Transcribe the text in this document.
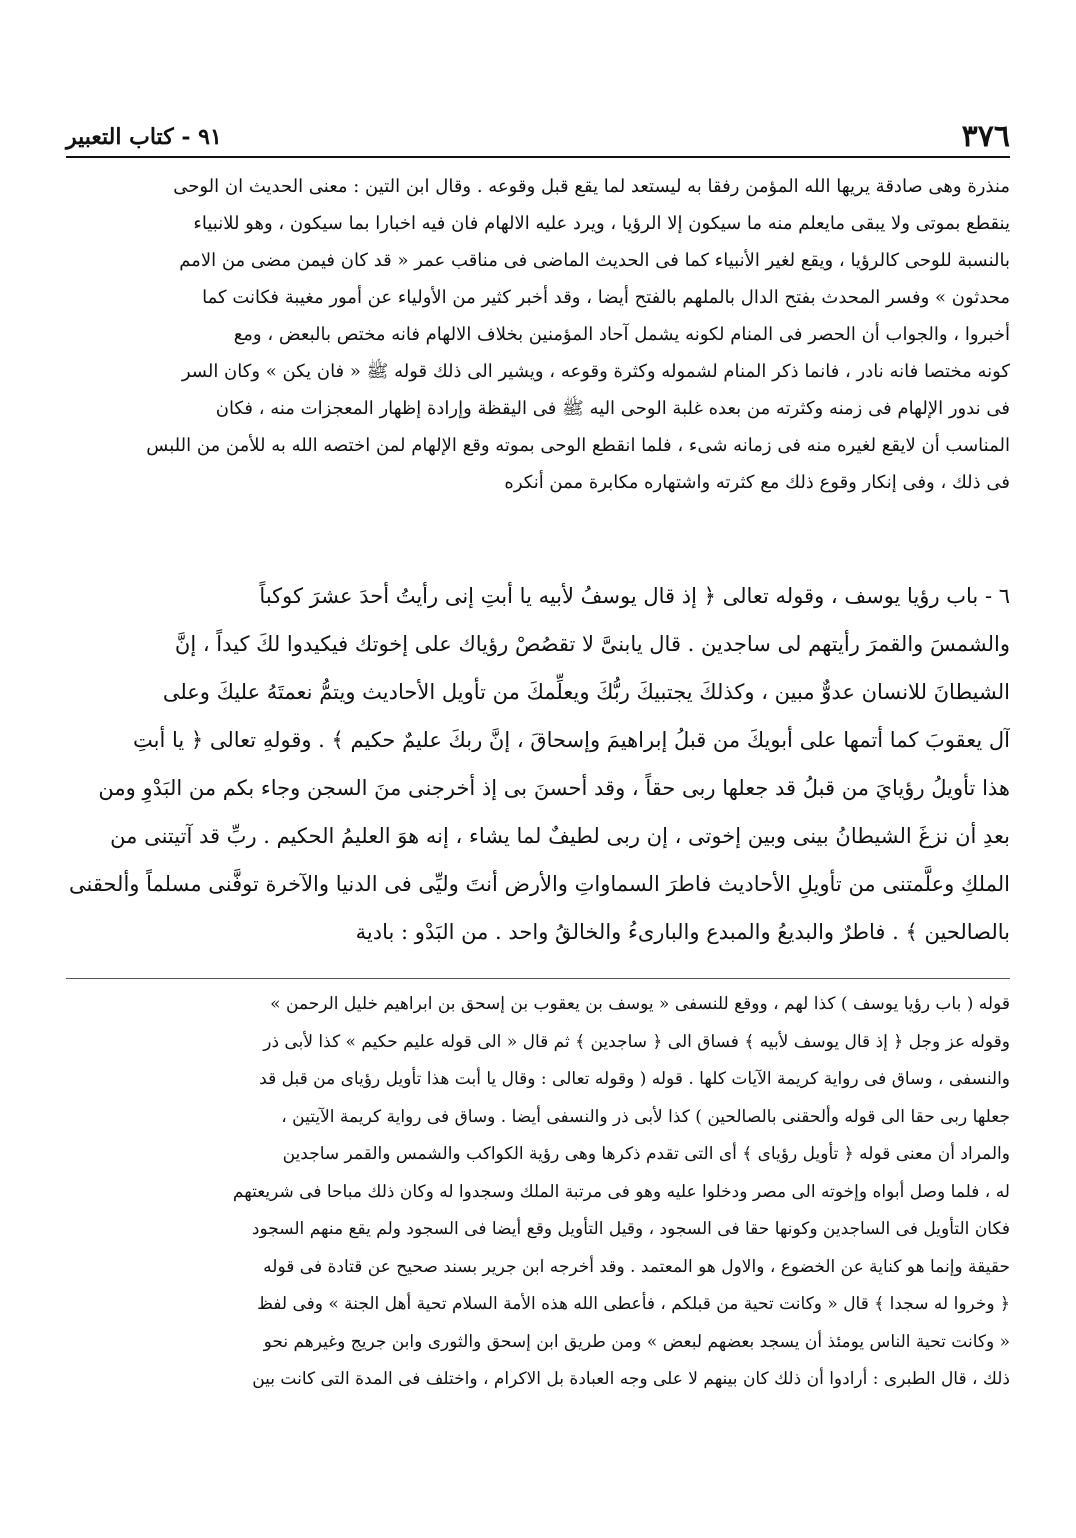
٩١ - كتاب التعبير	٣٧٦
منذرة وهى صادقة يريها الله المؤمن رفقا به ليستعد لما يقع قبل وقوعه . وقال ابن التين : معنى الحديث ان الوحى
ينقطع بموتى ولا يبقى مايعلم منه ما سيكون إلا الرؤيا ، ويرد عليه الالهام فان فيه اخبارا بما سيكون ، وهو للانبياء
بالنسبة للوحى كالرؤيا ، ويقع لغير الأنبياء كما فى الحديث الماضى فى مناقب عمر « قد كان فيمن مضى من الامم
محدثون » وفسر المحدث بفتح الدال بالملهم بالفتح أيضا ، وقد أخبر كثير من الأولياء عن أمور مغيبة فكانت كما
أخبروا ، والجواب أن الحصر فى المنام لكونه يشمل آحاد المؤمنين بخلاف الالهام فانه مختص بالبعض ، ومع
كونه مختصا فانه نادر ، فانما ذكر المنام لشموله وكثرة وقوعه ، ويشير الى ذلك قوله ﷺ « فان يكن » وكان السر
فى ندور الإلهام فى زمنه وكثرته من بعده غلبة الوحى اليه ﷺ فى اليقظة وإرادة إظهار المعجزات منه ، فكان
المناسب أن لايقع لغيره منه فى زمانه شىء ، فلما انقطع الوحى بموته وقع الإلهام لمن اختصه الله به للأمن من اللبس
فى ذلك ، وفى إنكار وقوع ذلك مع كثرته واشتهاره مكابرة ممن أنكره
٦ - باب رؤيا يوسف ، وقوله تعالى ﴿ إذ قال يوسفُ لأبيه يا أبتِ إنى رأيتُ أحدَ عشرَ كوكباً
والشمسَ والقمرَ رأيتهم لى ساجدين . قال يابنىَّ لا تقصُصْ رؤياك على إخوتك فيكيدوا لكَ كيداً ، إنَّ
الشيطانَ للانسان عدوٌّ مبين ، وكذلكَ يجتبيكَ ربُّكَ ويعلِّمكَ من تأويل الأحاديث ويتمُّ نعمتَهُ عليكَ وعلى
آل يعقوبَ كما أتمها على أبويكَ من قبلُ إبراهيمَ وإسحاقَ ، إنَّ ربكَ عليمٌ حكيم ﴾ . وقولهِ تعالى ﴿ يا أبتِ
هذا تأويلُ رؤيايَ من قبلُ قد جعلها ربى حقاً ، وقد أحسنَ بى إذ أخرجنى منَ السجن وجاء بكم من البَدْوِ ومن
بعدِ أن نزغَ الشيطانُ بينى وبين إخوتى ، إن ربى لطيفٌ لما يشاء ، إنه هوَ العليمُ الحكيم . ربِّ قد آتيتنى من
الملكِ وعلَّمتنى من تأويلِ الأحاديث فاطرَ السماواتِ والأرض أنتَ وليِّى فى الدنيا والآخرة توفَّنى مسلماً وألحقنى
بالصالحين ﴾ . فاطرٌ والبديعُ والمبدع والبارىءُ والخالقُ واحد . من البَدْو : بادية
قوله ( باب رؤيا يوسف ) كذا لهم ، ووقع للنسفى « يوسف بن يعقوب بن إسحق بن ابراهيم خليل الرحمن »
وقوله عز وجل ﴿ إذ قال يوسف لأبيه ﴾ فساق الى ﴿ ساجدين ﴾ ثم قال « الى قوله عليم حكيم » كذا لأبى ذر
والنسفى ، وساق فى رواية كريمة الآيات كلها . قوله ( وقوله تعالى : وقال يا أبت هذا تأويل رؤياى من قبل قد
جعلها ربى حقا الى قوله وألحقنى بالصالحين ) كذا لأبى ذر والنسفى أيضا . وساق فى رواية كريمة الآيتين ،
والمراد أن معنى قوله ﴿ تأويل رؤياى ﴾ أى التى تقدم ذكرها وهى رؤية الكواكب والشمس والقمر ساجدين
له ، فلما وصل أبواه وإخوته الى مصر ودخلوا عليه وهو فى مرتبة الملك وسجدوا له وكان ذلك مباحا فى شريعتهم
فكان التأويل فى الساجدين وكونها حقا فى السجود ، وقيل التأويل وقع أيضا فى السجود ولم يقع منهم السجود
حقيقة وإنما هو كناية عن الخضوع ، والاول هو المعتمد . وقد أخرجه ابن جرير بسند صحيح عن قتادة فى قوله
﴿ وخروا له سجدا ﴾ قال « وكانت تحية من قبلكم ، فأعطى الله هذه الأمة السلام تحية أهل الجنة » وفى لفظ
« وكانت تحية الناس يومئذ أن يسجد بعضهم لبعض » ومن طريق ابن إسحق والثورى وابن جريج وغيرهم نحو
ذلك ، قال الطبرى : أرادوا أن ذلك كان بينهم لا على وجه العبادة بل الاكرام ، واختلف فى المدة التى كانت بين
